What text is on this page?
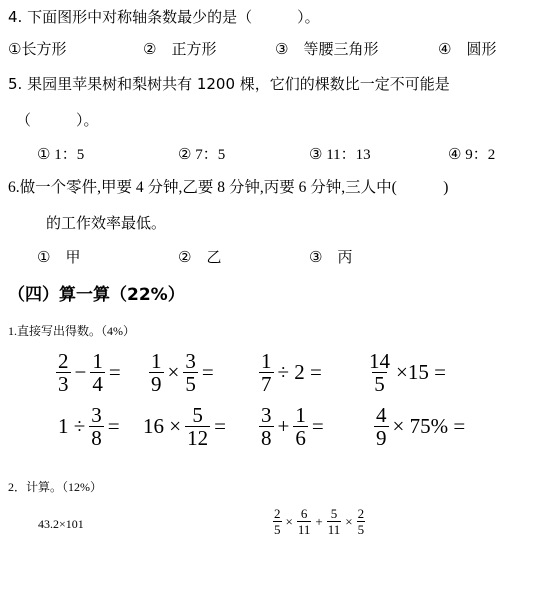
4. 下面图形中对称轴条数最少的是（　　　）。
①长方形	②　正方形	③　等腰三角形	④　圆形
5. 果园里苹果树和梨树共有 1200 棵，它们的棵数比一定不可能是
（　　　）。
① 1：5	② 7：5	③ 11：13	④ 9：2
6.做一个零件,甲要 4 分钟,乙要 8 分钟,丙要 6 分钟,三人中(　　　)
的工作效率最低。
①　甲	②　乙	③　丙
（四）算一算（22%）
1.直接写出得数。（4%）
$\frac{2}{3} - \frac{1}{4} = \frac{1}{9} \times \frac{3}{5} = \frac{1}{7} \div 2 = \frac{14}{5} \times 15$ =
$1 \div \frac{3}{8} = 16 \times \frac{5}{12} = \frac{3}{8} + \frac{1}{6} = \frac{4}{9} \times 75\%$ =
2．计算。（12%）
43.2×101	$\frac{2}{5} \times \frac{6}{11} + \frac{5}{11} \times \frac{2}{5}$
